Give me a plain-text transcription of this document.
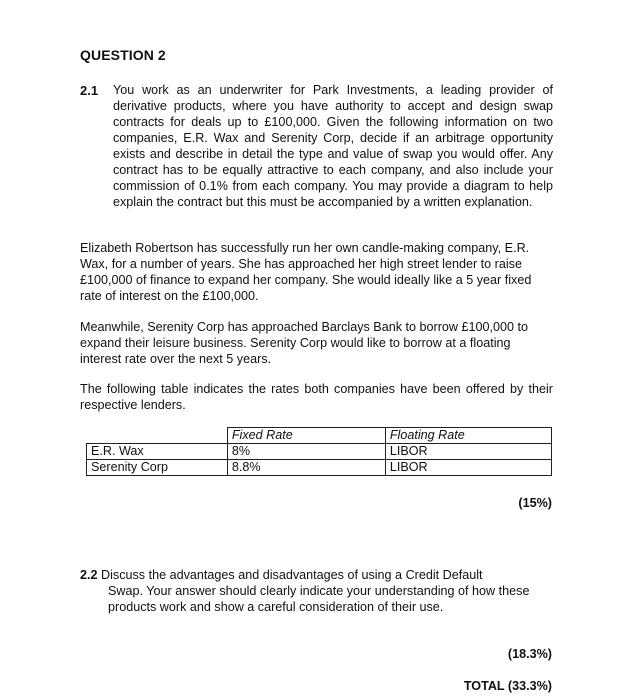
QUESTION 2
2.1 You work as an underwriter for Park Investments, a leading provider of derivative products, where you have authority to accept and design swap contracts for deals up to £100,000. Given the following information on two companies, E.R. Wax and Serenity Corp, decide if an arbitrage opportunity exists and describe in detail the type and value of swap you would offer. Any contract has to be equally attractive to each company, and also include your commission of 0.1% from each company. You may provide a diagram to help explain the contract but this must be accompanied by a written explanation.

Elizabeth Robertson has successfully run her own candle-making company, E.R. Wax, for a number of years. She has approached her high street lender to raise £100,000 of finance to expand her company. She would ideally like a 5 year fixed rate of interest on the £100,000.

Meanwhile, Serenity Corp has approached Barclays Bank to borrow £100,000 to expand their leisure business. Serenity Corp would like to borrow at a floating interest rate over the next 5 years.

The following table indicates the rates both companies have been offered by their respective lenders.

	Fixed Rate	Floating Rate
E.R. Wax	8%	LIBOR
Serenity Corp	8.8%	LIBOR
(15%)
2.2 Discuss the advantages and disadvantages of using a Credit Default
Swap. Your answer should clearly indicate your understanding of how these products work and show a careful consideration of their use.
(18.3%)
TOTAL (33.3%)
